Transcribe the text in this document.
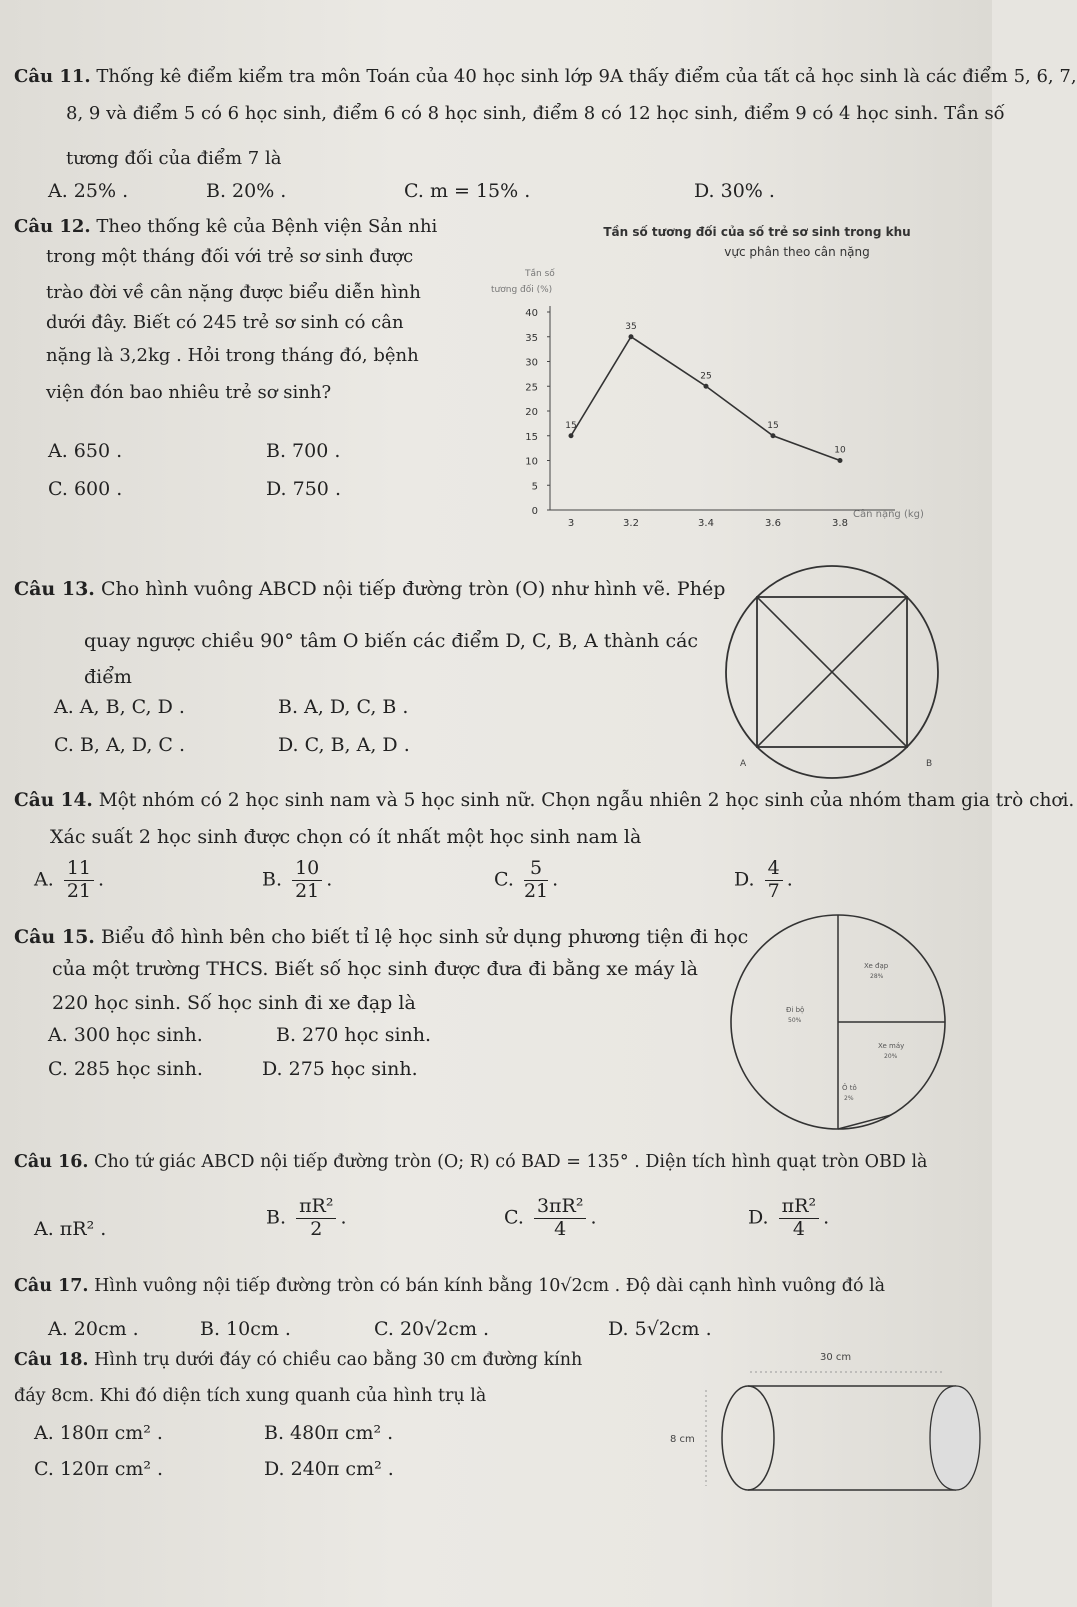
Câu 11. Thống kê điểm kiểm tra môn Toán của 40 học sinh lớp 9A thấy điểm của tất cả học sinh là các điểm 5, 6, 7,
8, 9 và điểm 5 có 6 học sinh, điểm 6 có 8 học sinh, điểm 8 có 12 học sinh, điểm 9 có 4 học sinh. Tần số
tương đối của điểm 7 là
A. 25% .	B. 20% .	C. m = 15% .	D. 30% .
Câu 12. Theo thống kê của Bệnh viện Sản nhi
trong một tháng đối với trẻ sơ sinh được
trào đời về cân nặng được biểu diễn hình
dưới đây. Biết có 245 trẻ sơ sinh có cân
nặng là 3,2kg . Hỏi trong tháng đó, bệnh
viện đón bao nhiêu trẻ sơ sinh?
A. 650 .	B. 700 .
C. 600 .	D. 750 .
Tần số tương đối của số trẻ sơ sinh trong khu
vực phân theo cân nặng
Tần số
tương đối (%)
Cân nặng (kg)
0
5
10
15
20
25
30
35
40
3	3.2	3.4	3.6	3.8
15
35
25
15
10
Câu 13. Cho hình vuông ABCD nội tiếp đường tròn (O) như hình vẽ. Phép
quay ngược chiều 90° tâm O biến các điểm D, C, B, A thành các
điểm
A. A, B, C, D .	B. A, D, C, B .
C. B, A, D, C .	D. C, B, A, D .
A	B
Câu 14. Một nhóm có 2 học sinh nam và 5 học sinh nữ. Chọn ngẫu nhiên 2 học sinh của nhóm tham gia trò chơi.
Xác suất 2 học sinh được chọn có ít nhất một học sinh nam là
A. $\frac{11}{21}$ .	B. $\frac{10}{21}$ .	C. $\frac{5}{21}$ .	D. $\frac{4}{7}$ .
Câu 15. Biểu đồ hình bên cho biết tỉ lệ học sinh sử dụng phương tiện đi học
của một trường THCS. Biết số học sinh được đưa đi bằng xe máy là
220 học sinh. Số học sinh đi xe đạp là
A. 300 học sinh.	B. 270 học sinh.
C. 285 học sinh.	D. 275 học sinh.
Xe đạp
28%
Đi bộ
50%
Xe máy
20%
Ô tô
2%
Câu 16. Cho tứ giác ABCD nội tiếp đường tròn (O; R) có BAD = 135° . Diện tích hình quạt tròn OBD là
A. πR² .
B. $\frac{\text{πR²}}{2}$ .	C. $\frac{\text{3πR²}}{4}$ .	D. $\frac{\text{πR²}}{4}$ .
Câu 17. Hình vuông nội tiếp đường tròn có bán kính bằng 10√2cm . Độ dài cạnh hình vuông đó là
A. 20cm .	B. 10cm .	C. 20√2cm .	D. 5√2cm .
Câu 18. Hình trụ dưới đáy có chiều cao bằng 30 cm đường kính
đáy 8cm. Khi đó diện tích xung quanh của hình trụ là
A. 180π cm² .	B. 480π cm² .
C. 120π cm² .	D. 240π cm² .
30 cm
8 cm
